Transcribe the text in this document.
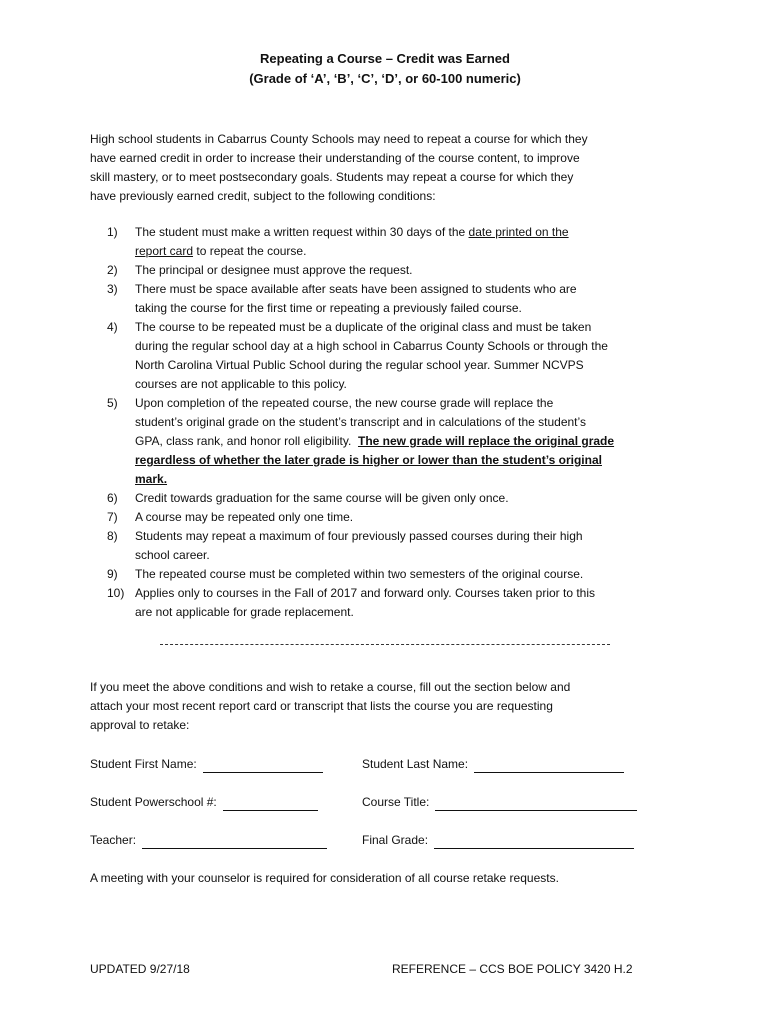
Repeating a Course – Credit was Earned
(Grade of ‘A’, ‘B’, ‘C’, ‘D’, or 60-100 numeric)
High school students in Cabarrus County Schools may need to repeat a course for which they
have earned credit in order to increase their understanding of the course content, to improve
skill mastery, or to meet postsecondary goals. Students may repeat a course for which they
have previously earned credit, subject to the following conditions:
1)	The student must make a written request within 30 days of the date printed on the
report card to repeat the course.
2)	The principal or designee must approve the request.
3)	There must be space available after seats have been assigned to students who are
taking the course for the first time or repeating a previously failed course.
4)	The course to be repeated must be a duplicate of the original class and must be taken
during the regular school day at a high school in Cabarrus County Schools or through the
North Carolina Virtual Public School during the regular school year. Summer NCVPS
courses are not applicable to this policy.
5)	Upon completion of the repeated course, the new course grade will replace the
student’s original grade on the student’s transcript and in calculations of the student’s
GPA, class rank, and honor roll eligibility.  The new grade will replace the original grade
regardless of whether the later grade is higher or lower than the student’s original
mark.
6)	Credit towards graduation for the same course will be given only once.
7)	A course may be repeated only one time.
8)	Students may repeat a maximum of four previously passed courses during their high
school career.
9)	The repeated course must be completed within two semesters of the original course.
10) Applies only to courses in the Fall of 2017 and forward only. Courses taken prior to this
are not applicable for grade replacement.
If you meet the above conditions and wish to retake a course, fill out the section below and
attach your most recent report card or transcript that lists the course you are requesting
approval to retake:
Student First Name:	Student Last Name:
Student Powerschool #:	Course Title:
Teacher:	Final Grade:
A meeting with your counselor is required for consideration of all course retake requests.
UPDATED 9/27/18	REFERENCE – CCS BOE POLICY 3420 H.2
